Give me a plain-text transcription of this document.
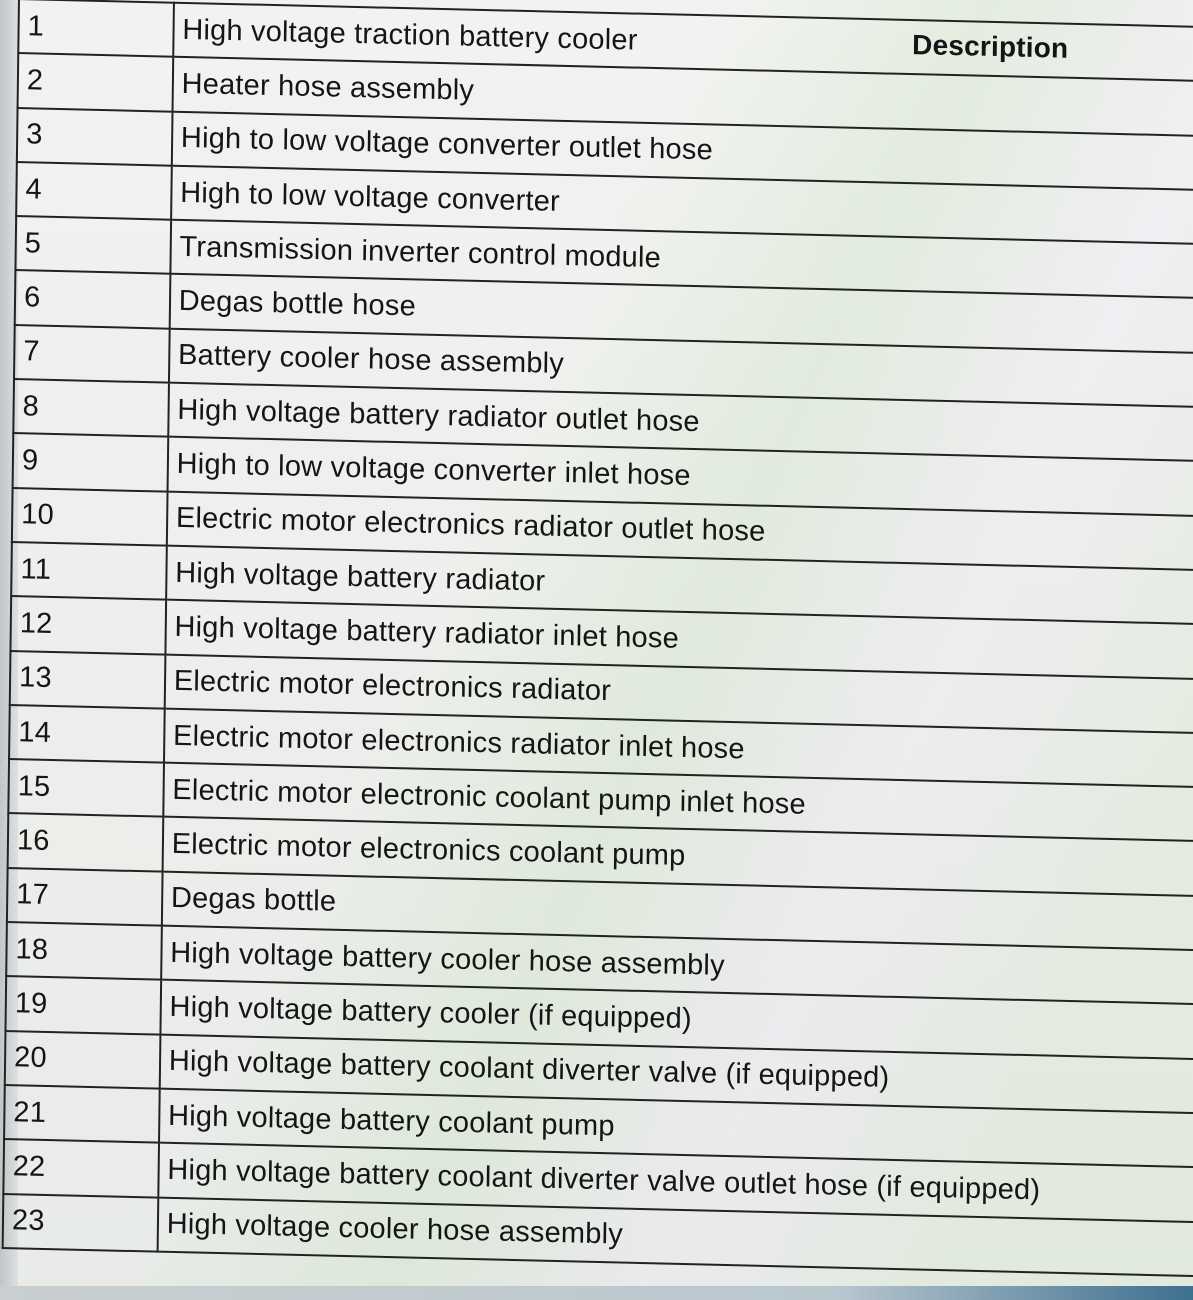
1	High voltage traction battery cooler Description

2	Heater hose assembly
3	High to low voltage converter outlet hose
4	High to low voltage converter
5	Transmission inverter control module
6	Degas bottle hose
7	Battery cooler hose assembly
8	High voltage battery radiator outlet hose
9	High to low voltage converter inlet hose
10	Electric motor electronics radiator outlet hose
11	High voltage battery radiator
12	High voltage battery radiator inlet hose
13	Electric motor electronics radiator
14	Electric motor electronics radiator inlet hose
15	Electric motor electronic coolant pump inlet hose
16	Electric motor electronics coolant pump
17	Degas bottle
18	High voltage battery cooler hose assembly
19	High voltage battery cooler (if equipped)
20	High voltage battery coolant diverter valve (if equipped)
21	High voltage battery coolant pump
22	High voltage battery coolant diverter valve outlet hose (if equipped)
23	High voltage cooler hose assembly
